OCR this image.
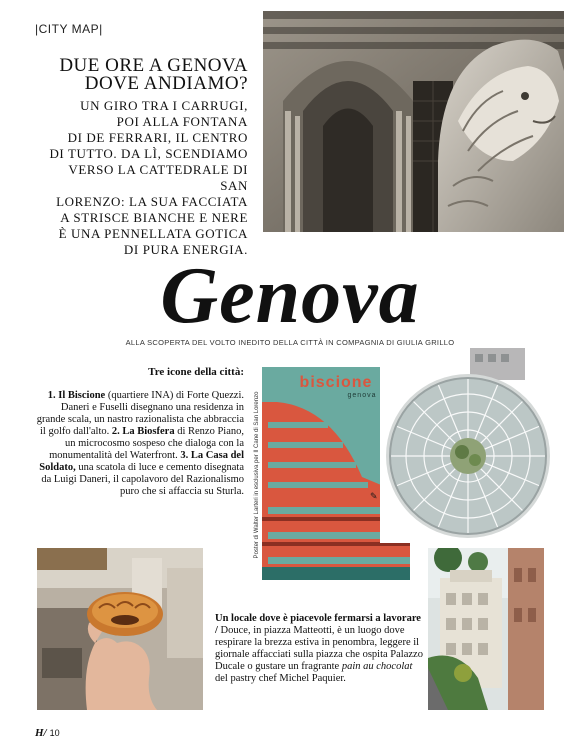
|CITY MAP|
DUE ORE A GENOVA
DOVE ANDIAMO?
UN GIRO TRA I CARRUGI,
POI ALLA FONTANA
DI DE FERRARI, IL CENTRO
DI TUTTO. DA LÌ, SCENDIAMO
VERSO LA CATTEDRALE DI SAN
LORENZO: LA SUA FACCIATA
A STRISCE BIANCHE E NERE
È UNA PENNELLATA GOTICA
DI PURA ENERGIA.
Genova
ALLA SCOPERTA DEL VOLTO INEDITO DELLA CITTÀ IN COMPAGNIA DI GIULIA GRILLO
Tre icone della città:
1. Il Biscione (quartiere INA) di Forte Quezzi. Daneri e Fuselli disegnano una residenza in grande scala, un nastro razionalista che abbraccia il golfo dall'alto. 2. La Biosfera di Renzo Piano, un microcosmo sospeso che dialoga con la monumentalità del Waterfront. 3. La Casa del Soldato, una scatola di luce e cemento disegnata da Luigi Daneri, il capolavoro del Razionalismo puro che si affaccia su Sturla. Poster di Walter Larteri in esclusiva per Il Cane di San Lorenzo
biscione
genova
✎
Un locale dove è piacevole fermarsi a lavorare / Douce, in piazza Matteotti, è un luogo dove respirare la brezza estiva in penombra, leggere il giornale affacciati sulla piazza che ospita Palazzo Ducale o gustare un fragrante pain au chocolat del pastry chef Michel Paquier.
H/ 10
